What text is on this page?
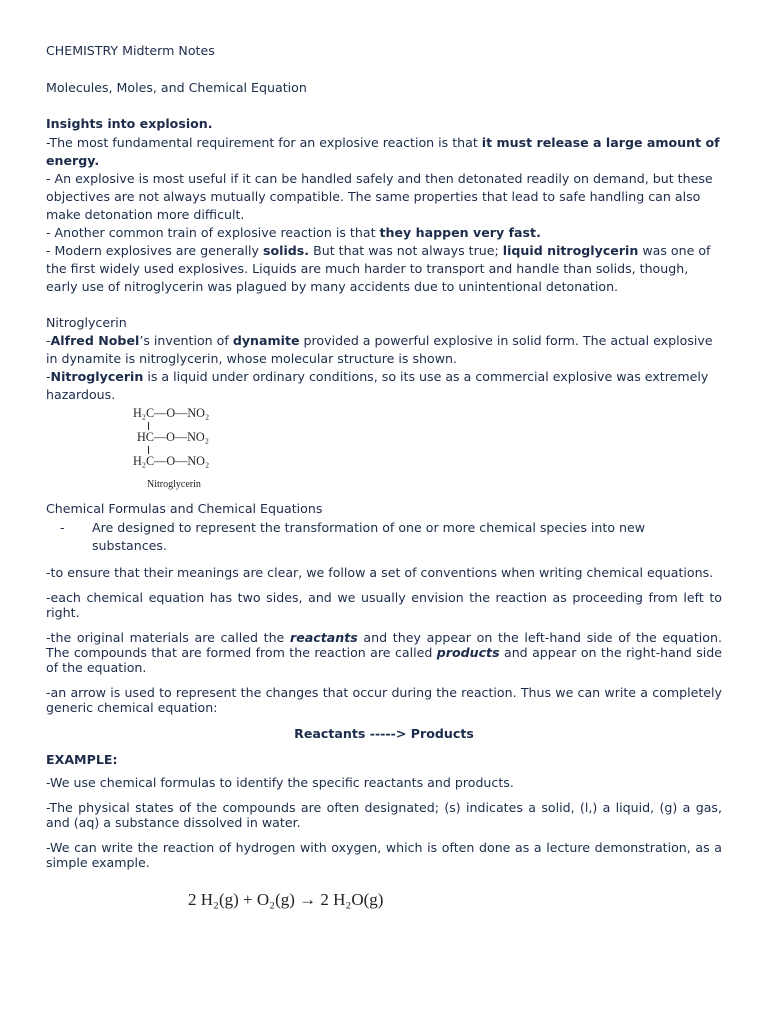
CHEMISTRY Midterm Notes

Molecules, Moles, and Chemical Equation

Insights into explosion.

-The most fundamental requirement for an explosive reaction is that it must release a large amount of energy.

- An explosive is most useful if it can be handled safely and then detonated readily on demand, but these objectives are not always mutually compatible. The same properties that lead to safe handling can also make detonation more difficult.

- Another common train of explosive reaction is that they happen very fast.

- Modern explosives are generally solids. But that was not always true; liquid nitroglycerin was one of the first widely used explosives. Liquids are much harder to transport and handle than solids, though, early use of nitroglycerin was plagued by many accidents due to unintentional detonation.

Nitroglycerin

-Alfred Nobel’s invention of dynamite provided a powerful explosive in solid form. The actual explosive in dynamite is nitroglycerin, whose molecular structure is shown.

-Nitroglycerin is a liquid under ordinary conditions, so its use as a commercial explosive was extremely hazardous.

H₂C—O—NO₂
HC—O—NO₂
H₂C—O—NO₂
Nitroglycerin

Chemical Formulas and Chemical Equations

- Are designed to represent the transformation of one or more chemical species into new substances.

-to ensure that their meanings are clear, we follow a set of conventions when writing chemical equations.

-each chemical equation has two sides, and we usually envision the reaction as proceeding from left to right.

-the original materials are called the reactants and they appear on the left-hand side of the equation. The compounds that are formed from the reaction are called products and appear on the right-hand side of the equation.

-an arrow is used to represent the changes that occur during the reaction. Thus we can write a completely generic chemical equation:

Reactants -----> Products

EXAMPLE:

-We use chemical formulas to identify the specific reactants and products.

-The physical states of the compounds are often designated; (s) indicates a solid, (l,) a liquid, (g) a gas, and (aq) a substance dissolved in water.

-We can write the reaction of hydrogen with oxygen, which is often done as a lecture demonstration, as a simple example.

2 H₂(g) + O₂(g) → 2 H₂O(g)
